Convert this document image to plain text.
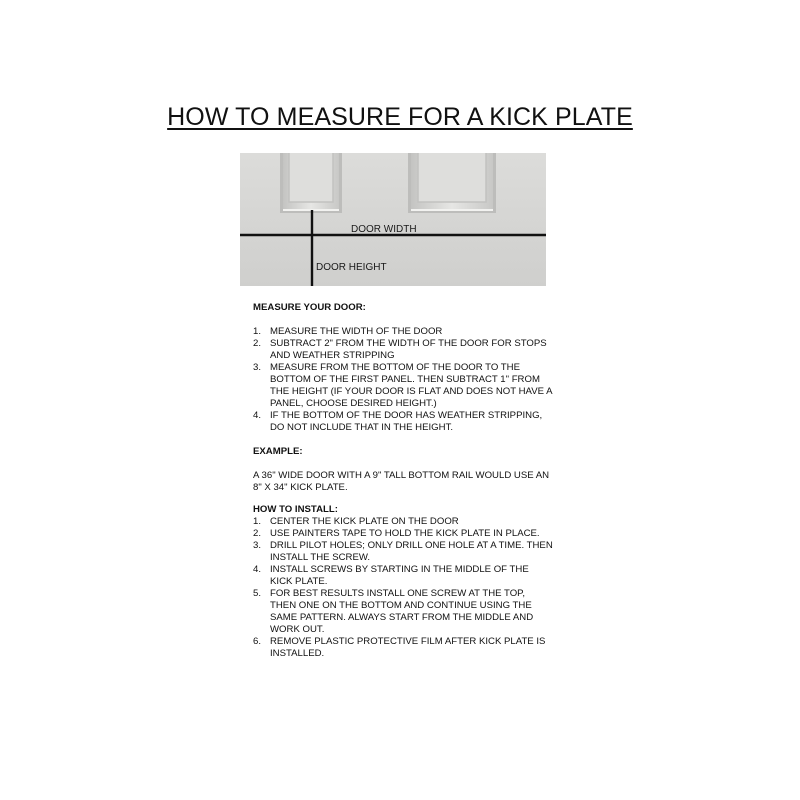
HOW TO MEASURE FOR A KICK PLATE
DOOR WIDTH
DOOR HEIGHT
MEASURE YOUR DOOR:
1. MEASURE THE WIDTH OF THE DOOR
2. SUBTRACT 2" FROM THE WIDTH OF THE DOOR FOR STOPS AND WEATHER STRIPPING
3. MEASURE FROM THE BOTTOM OF THE DOOR TO THE BOTTOM OF THE FIRST PANEL. THEN SUBTRACT 1" FROM THE HEIGHT (IF YOUR DOOR IS FLAT AND DOES NOT HAVE A PANEL, CHOOSE DESIRED HEIGHT.)
4. IF THE BOTTOM OF THE DOOR HAS WEATHER STRIPPING, DO NOT INCLUDE THAT IN THE HEIGHT.
EXAMPLE:

A 36" WIDE DOOR WITH A 9" TALL BOTTOM RAIL WOULD USE AN 8" X 34" KICK PLATE.

HOW TO INSTALL:
1. CENTER THE KICK PLATE ON THE DOOR
2. USE PAINTERS TAPE TO HOLD THE KICK PLATE IN PLACE.
3. DRILL PILOT HOLES; ONLY DRILL ONE HOLE AT A TIME. THEN INSTALL THE SCREW.
4. INSTALL SCREWS BY STARTING IN THE MIDDLE OF THE KICK PLATE.
5. FOR BEST RESULTS INSTALL ONE SCREW AT THE TOP, THEN ONE ON THE BOTTOM AND CONTINUE USING THE SAME PATTERN. ALWAYS START FROM THE MIDDLE AND WORK OUT.
6. REMOVE PLASTIC PROTECTIVE FILM AFTER KICK PLATE IS INSTALLED.
